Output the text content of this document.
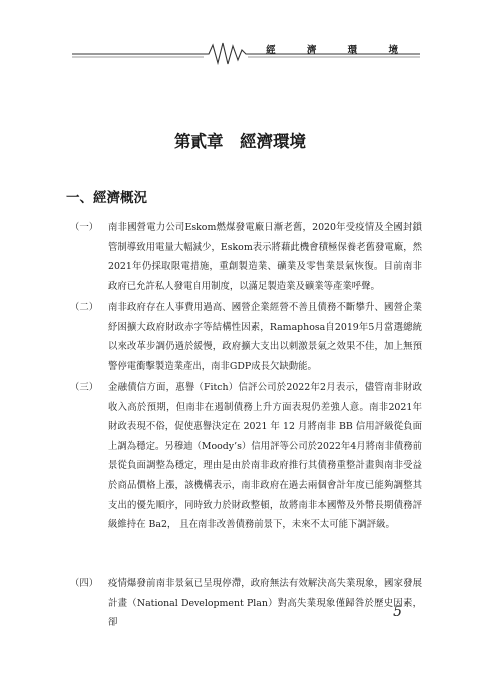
經 濟 環 境
第貳章　經濟環境
一、經濟概況
（一）	南非國營電力公司Eskom燃煤發電廠日漸老舊，2020年受疫情及全國封鎖管制導致用電量大幅減少，Eskom表示將藉此機會積極保養老舊發電廠，然2021年仍採取限電措施，重創製造業、礦業及零售業景氣恢復。目前南非政府已允許私人發電自用制度，以滿足製造業及礦業等產業呼聲。
（二）	南非政府存在人事費用過高、國營企業經營不善且債務不斷攀升、國營企業紓困擴大政府財政赤字等結構性因素，Ramaphosa自2019年5月當選總統以來改革步調仍過於緩慢，政府擴大支出以刺激景氣之效果不佳，加上無預警停電衝擊製造業產出，南非GDP成長欠缺動能。
（三）	金融債信方面，惠譽（Fitch）信評公司於2022年2月表示，儘管南非財政收入高於預期，但南非在遏制債務上升方面表現仍差強人意。南非2021年財政表現不俗，促使惠譽決定在 2021 年 12 月將南非 BB 信用評級從負面上調為穩定。另穆迪（Moody’s）信用評等公司於2022年4月將南非債務前景從負面調整為穩定，理由是由於南非政府推行其債務重整計畫與南非受益於商品價格上漲，該機構表示，南非政府在過去兩個會計年度已能夠調整其支出的優先順序，同時致力於財政整頓，故將南非本國幣及外幣長期債務評級維持在 Ba2， 且在南非改善債務前景下，未來不太可能下調評級。
（四）	疫情爆發前南非景氣已呈現停滯，政府無法有效解決高失業現象，國家發展計畫（National Development Plan）對高失業現象僅歸咎於歷史因素，卻
5
